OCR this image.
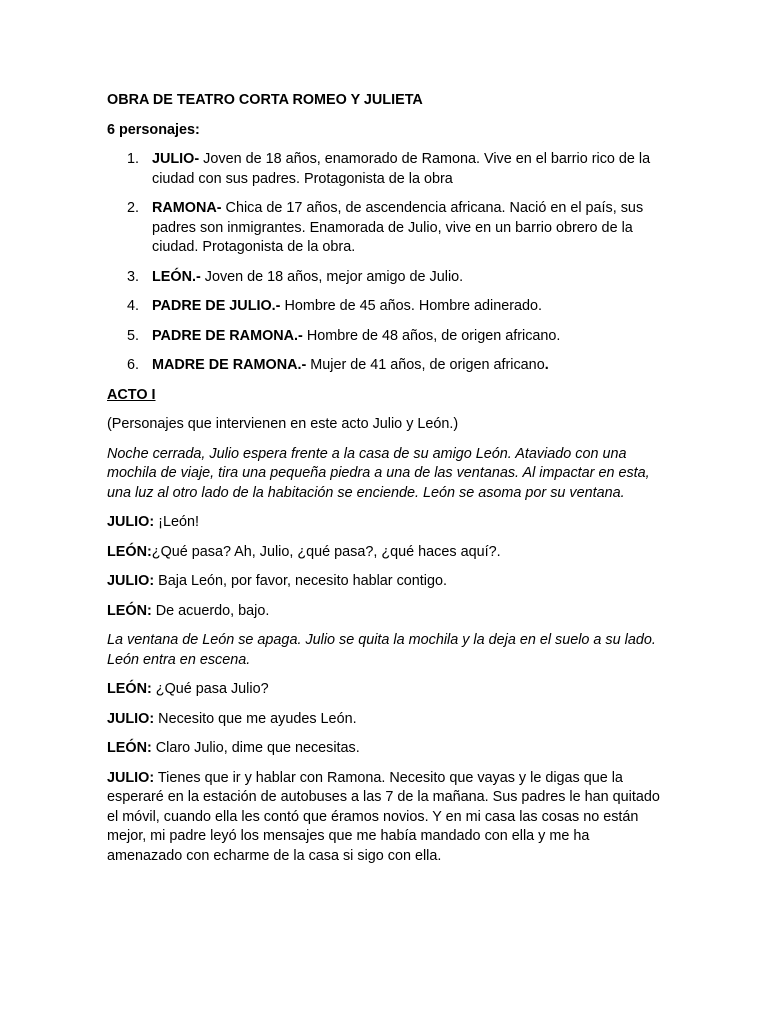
OBRA DE TEATRO CORTA ROMEO Y JULIETA

6 personajes:

1. JULIO- Joven de 18 años, enamorado de Ramona. Vive en el barrio rico de la ciudad con sus padres. Protagonista de la obra
2. RAMONA- Chica de 17 años, de ascendencia africana. Nació en el país, sus padres son inmigrantes. Enamorada de Julio, vive en un barrio obrero de la ciudad. Protagonista de la obra.
3. LEÓN.- Joven de 18 años, mejor amigo de Julio.
4. PADRE DE JULIO.- Hombre de 45 años. Hombre adinerado.
5. PADRE DE RAMONA.- Hombre de 48 años, de origen africano.
6. MADRE DE RAMONA.- Mujer de 41 años, de origen africano.

ACTO I

(Personajes que intervienen en este acto Julio y León.)

Noche cerrada, Julio espera frente a la casa de su amigo León. Ataviado con una mochila de viaje, tira una pequeña piedra a una de las ventanas. Al impactar en esta, una luz al otro lado de la habitación se enciende. León se asoma por su ventana.

JULIO: ¡León!

LEÓN:¿Qué pasa? Ah, Julio, ¿qué pasa?, ¿qué haces aquí?.

JULIO: Baja León, por favor, necesito hablar contigo.

LEÓN: De acuerdo, bajo.

La ventana de León se apaga. Julio se quita la mochila y la deja en el suelo a su lado. León entra en escena.

LEÓN: ¿Qué pasa Julio?

JULIO: Necesito que me ayudes León.

LEÓN: Claro Julio, dime que necesitas.

JULIO: Tienes que ir y hablar con Ramona. Necesito que vayas y le digas que la esperaré en la estación de autobuses a las 7 de la mañana. Sus padres le han quitado el móvil, cuando ella les contó que éramos novios. Y en mi casa las cosas no están mejor, mi padre leyó los mensajes que me había mandado con ella y me ha amenazado con echarme de la casa si sigo con ella.
